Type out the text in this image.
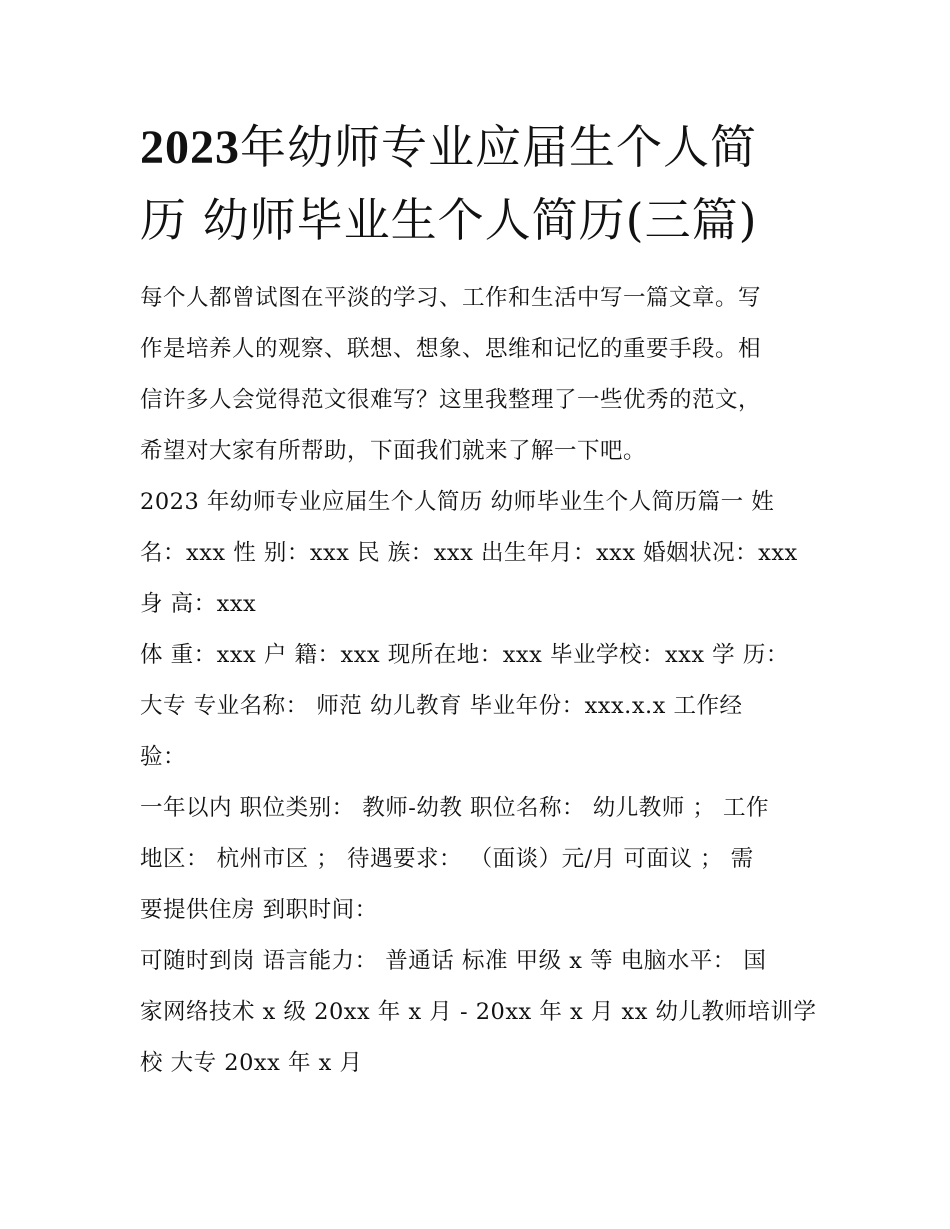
2023年幼师专业应届生个人简
历 幼师毕业生个人简历(三篇)

每个人都曾试图在平淡的学习、工作和生活中写一篇文章。写
作是培养人的观察、联想、想象、思维和记忆的重要手段。相
信许多人会觉得范文很难写？这里我整理了一些优秀的范文，
希望对大家有所帮助，下面我们就来了解一下吧。

2023 年幼师专业应届生个人简历 幼师毕业生个人简历篇一 姓
名：xxx 性 别：xxx 民 族：xxx 出生年月：xxx 婚姻状况：xxx
身 高：xxx

体 重：xxx 户 籍：xxx 现所在地：xxx 毕业学校：xxx 学 历：
大专 专业名称： 师范 幼儿教育 毕业年份：xxx.x.x 工作经
验：

一年以内 职位类别： 教师-幼教 职位名称： 幼儿教师 ； 工作
地区： 杭州市区 ； 待遇要求： （面谈）元/月 可面议 ； 需
要提供住房 到职时间：

可随时到岗 语言能力： 普通话 标准 甲级 x 等 电脑水平： 国
家网络技术 x 级 20xx 年 x 月 - 20xx 年 x 月 xx 幼儿教师培训学
校 大专 20xx 年 x 月
